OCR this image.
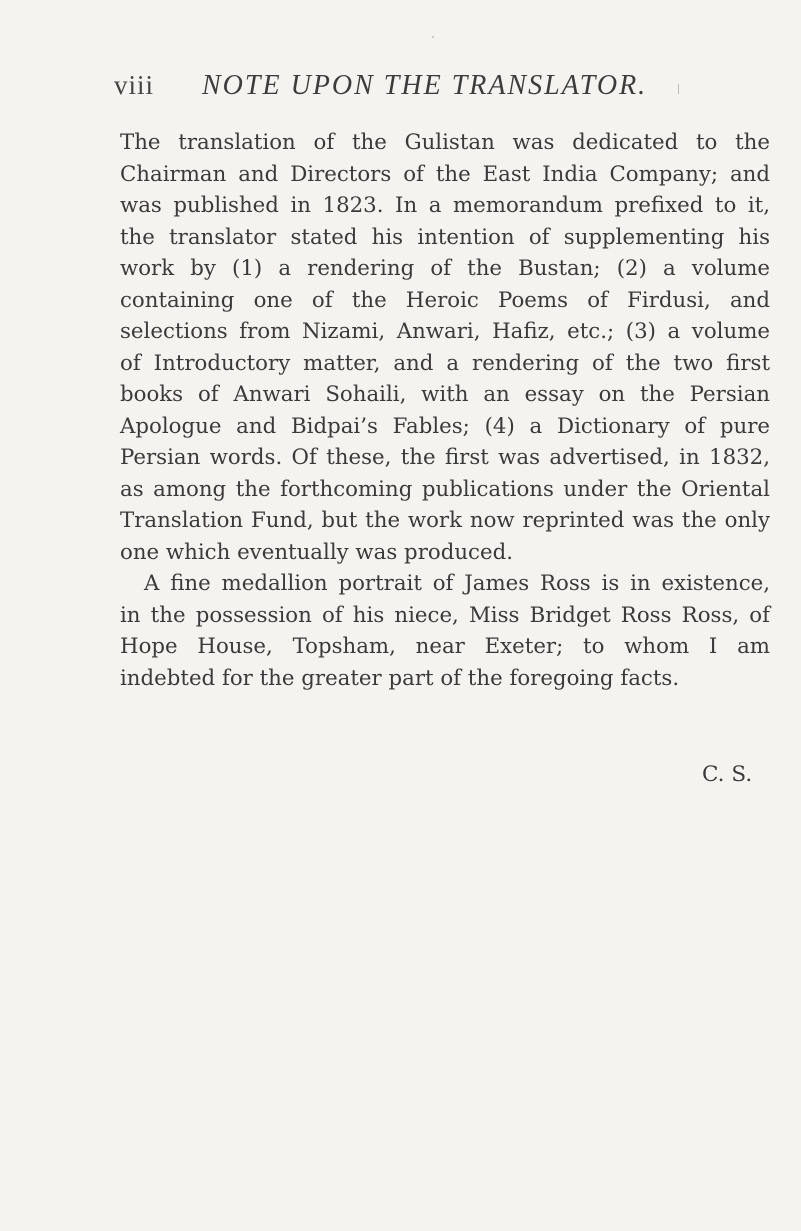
viii NOTE UPON THE TRANSLATOR.
The translation of the Gulistan was dedicated to the
Chairman and Directors of the East India Company; and
was published in 1823. In a memorandum prefixed to it,
the translator stated his intention of supplementing his
work by (1) a rendering of the Bustan; (2) a volume
containing one of the Heroic Poems of Firdusi, and
selections from Nizami, Anwari, Hafiz, etc.; (3) a volume
of Introductory matter, and a rendering of the two first
books of Anwari Sohaili, with an essay on the Persian
Apologue and Bidpai’s Fables; (4) a Dictionary of pure
Persian words. Of these, the first was advertised, in 1832,
as among the forthcoming publications under the Oriental
Translation Fund, but the work now reprinted was the only
one which eventually was produced.
A fine medallion portrait of James Ross is in existence,
in the possession of his niece, Miss Bridget Ross Ross, of
Hope House, Topsham, near Exeter; to whom I am
indebted for the greater part of the foregoing facts.
C. S.
